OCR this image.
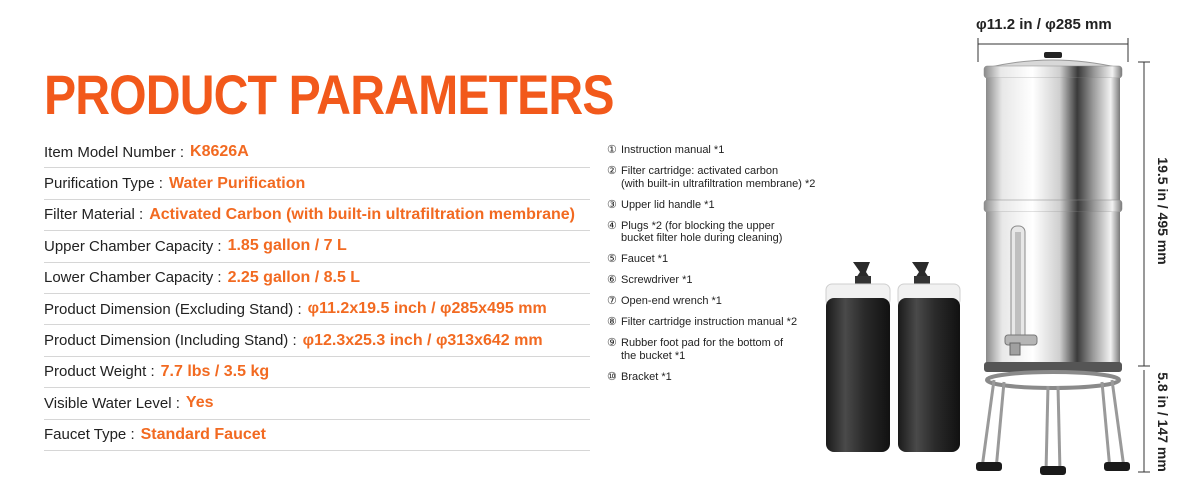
PRODUCT PARAMETERS
Item Model Number : K8626A
Purification Type : Water Purification
Filter Material : Activated Carbon (with built-in ultrafiltration membrane)
Upper Chamber Capacity : 1.85 gallon / 7 L
Lower Chamber Capacity : 2.25 gallon / 8.5 L
Product Dimension (Excluding Stand) : φ11.2x19.5 inch / φ285x495 mm
Product Dimension (Including Stand) : φ12.3x25.3 inch / φ313x642 mm
Product Weight : 7.7 lbs / 3.5 kg
Visible Water Level : Yes
Faucet Type : Standard Faucet
① Instruction manual *1
② Filter cartridge: activated carbon
(with built-in ultrafiltration membrane) *2
③ Upper lid handle *1
④ Plugs *2 (for blocking the upper
bucket filter hole during cleaning)
⑤ Faucet *1
⑥ Screwdriver *1
⑦ Open-end wrench *1
⑧ Filter cartridge instruction manual *2
⑨ Rubber foot pad for the bottom of
the bucket *1
⑩ Bracket *1
φ11.2 in / φ285 mm
19.5 in / 495 mm
5.8 in / 147 mm
